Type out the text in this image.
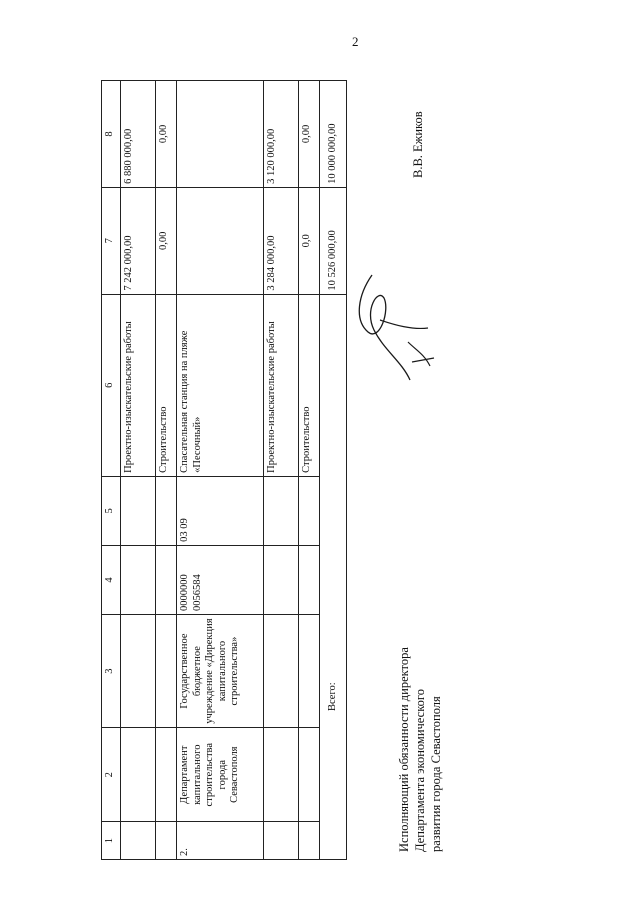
2
1	2	3	4	5	6	7	8
					Проектно-изыскательские работы	7 242 000,00	6 880 000,00
					Строительство	0,00	0,00
2.	Департамент капитального строительства города Севастополя	Государственное бюджетное учреждение «Дирекция капитального строительства»	0000000 0056584	03 09	Спасательная станция на пляже «Песочный»		
					Проектно-изыскательские работы	3 284 000,00	3 120 000,00
					Строительство	0,0	0,00
Всего:						10 526 000,00	10 000 000,00
Исполняющий обязанности директора Департамента экономического развития города Севастополя
В.В. Ежиков
